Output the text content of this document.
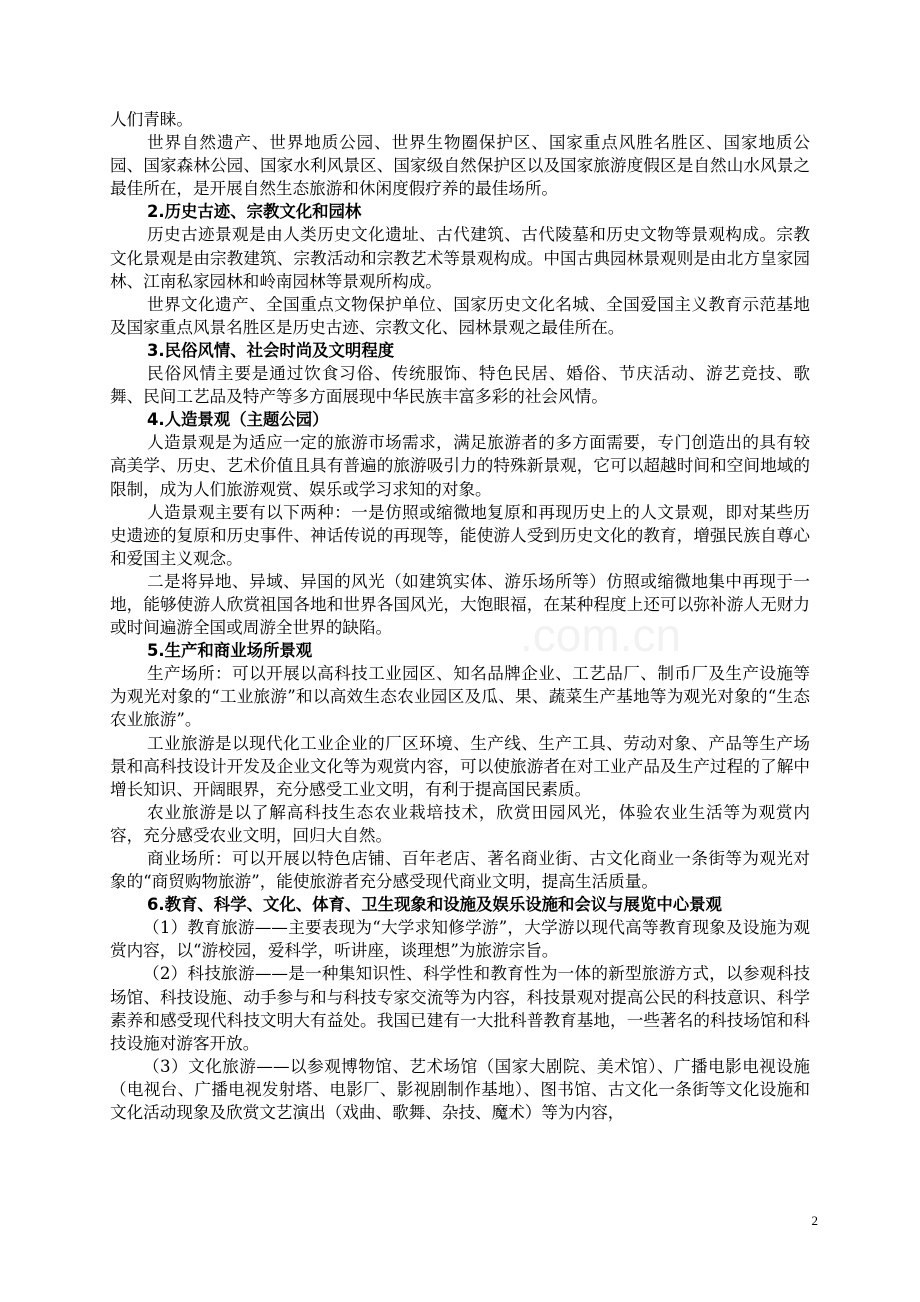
人们青睐。

世界自然遗产、世界地质公园、世界生物圈保护区、国家重点风胜名胜区、国家地质公园、国家森林公园、国家水利风景区、国家级自然保护区以及国家旅游度假区是自然山水风景之最佳所在，是开展自然生态旅游和休闲度假疗养的最佳场所。

2.历史古迹、宗教文化和园林

历史古迹景观是由人类历史文化遗址、古代建筑、古代陵墓和历史文物等景观构成。宗教文化景观是由宗教建筑、宗教活动和宗教艺术等景观构成。中国古典园林景观则是由北方皇家园林、江南私家园林和岭南园林等景观所构成。

世界文化遗产、全国重点文物保护单位、国家历史文化名城、全国爱国主义教育示范基地及国家重点风景名胜区是历史古迹、宗教文化、园林景观之最佳所在。

3.民俗风情、社会时尚及文明程度

民俗风情主要是通过饮食习俗、传统服饰、特色民居、婚俗、节庆活动、游艺竞技、歌舞、民间工艺品及特产等多方面展现中华民族丰富多彩的社会风情。

4.人造景观（主题公园）

人造景观是为适应一定的旅游市场需求，满足旅游者的多方面需要，专门创造出的具有较高美学、历史、艺术价值且具有普遍的旅游吸引力的特殊新景观，它可以超越时间和空间地域的限制，成为人们旅游观赏、娱乐或学习求知的对象。

人造景观主要有以下两种：一是仿照或缩微地复原和再现历史上的人文景观，即对某些历史遗迹的复原和历史事件、神话传说的再现等，能使游人受到历史文化的教育，增强民族自尊心和爱国主义观念。

二是将异地、异域、异国的风光（如建筑实体、游乐场所等）仿照或缩微地集中再现于一地，能够使游人欣赏祖国各地和世界各国风光，大饱眼福，在某种程度上还可以弥补游人无财力或时间遍游全国或周游全世界的缺陷。

5.生产和商业场所景观

生产场所：可以开展以高科技工业园区、知名品牌企业、工艺品厂、制币厂及生产设施等为观光对象的“工业旅游”和以高效生态农业园区及瓜、果、蔬菜生产基地等为观光对象的“生态农业旅游”。

工业旅游是以现代化工业企业的厂区环境、生产线、生产工具、劳动对象、产品等生产场景和高科技设计开发及企业文化等为观赏内容，可以使旅游者在对工业产品及生产过程的了解中增长知识、开阔眼界，充分感受工业文明，有利于提高国民素质。

农业旅游是以了解高科技生态农业栽培技术，欣赏田园风光，体验农业生活等为观赏内容，充分感受农业文明，回归大自然。

商业场所：可以开展以特色店铺、百年老店、著名商业街、古文化商业一条街等为观光对象的“商贸购物旅游”，能使旅游者充分感受现代商业文明，提高生活质量。

6.教育、科学、文化、体育、卫生现象和设施及娱乐设施和会议与展览中心景观

（1）教育旅游——主要表现为“大学求知修学游”，大学游以现代高等教育现象及设施为观赏内容，以“游校园，爱科学，听讲座，谈理想”为旅游宗旨。

（2）科技旅游——是一种集知识性、科学性和教育性为一体的新型旅游方式，以参观科技场馆、科技设施、动手参与和与科技专家交流等为内容，科技景观对提高公民的科技意识、科学素养和感受现代科技文明大有益处。我国已建有一大批科普教育基地，一些著名的科技场馆和科技设施对游客开放。

（3）文化旅游——以参观博物馆、艺术场馆（国家大剧院、美术馆）、广播电影电视设施（电视台、广播电视发射塔、电影厂、影视剧制作基地）、图书馆、古文化一条街等文化设施和文化活动现象及欣赏文艺演出（戏曲、歌舞、杂技、魔术）等为内容，

.com.cn
2
